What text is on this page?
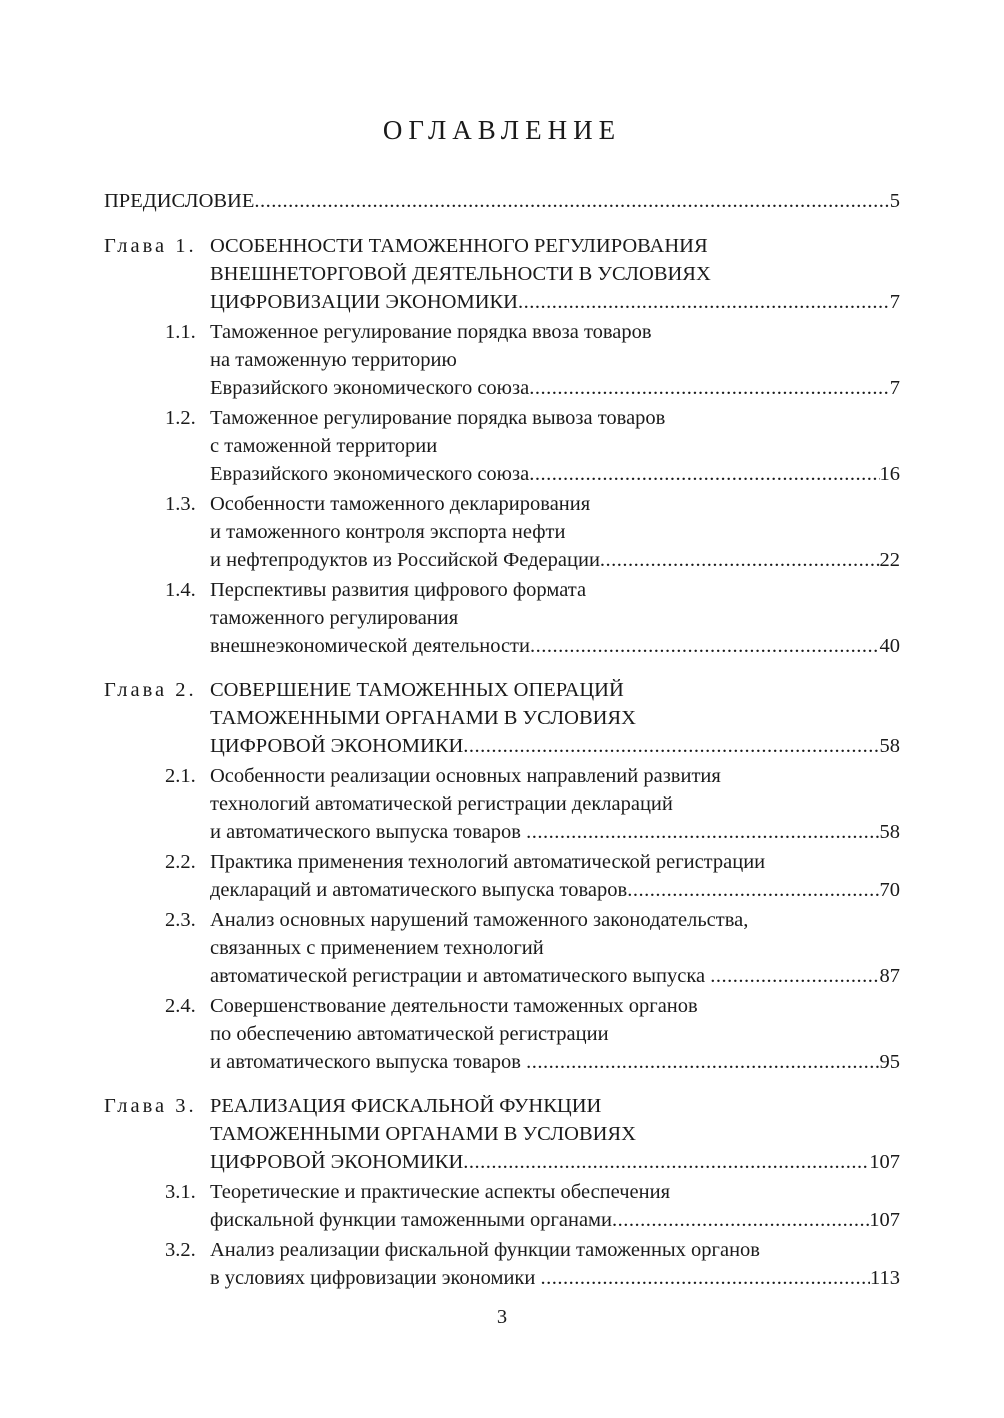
ОГЛАВЛЕНИЕ
ПРЕДИСЛОВИЕ .....	5
Глава 1. ОСОБЕННОСТИ ТАМОЖЕННОГО РЕГУЛИРОВАНИЯ
ВНЕШНЕТОРГОВОЙ ДЕЯТЕЛЬНОСТИ В УСЛОВИЯХ
ЦИФРОВИЗАЦИИ ЭКОНОМИКИ .....	7
1.1. Таможенное регулирование порядка ввоза товаров
на таможенную территорию
Евразийского экономического союза .....	7
1.2. Таможенное регулирование порядка вывоза товаров
с таможенной территории
Евразийского экономического союза .....	16
1.3. Особенности таможенного декларирования
и таможенного контроля экспорта нефти
и нефтепродуктов из Российской Федерации .....	22
1.4. Перспективы развития цифрового формата
таможенного регулирования
внешнеэкономической деятельности .....	40
Глава 2. СОВЕРШЕНИЕ ТАМОЖЕННЫХ ОПЕРАЦИЙ
ТАМОЖЕННЫМИ ОРГАНАМИ В УСЛОВИЯХ
ЦИФРОВОЙ ЭКОНОМИКИ .....	58
2.1. Особенности реализации основных направлений развития
технологий автоматической регистрации деклараций
и автоматического выпуска товаров .....	58
2.2. Практика применения технологий автоматической регистрации
деклараций и автоматического выпуска товаров .....	70
2.3. Анализ основных нарушений таможенного законодательства,
связанных с применением технологий
автоматической регистрации и автоматического выпуска .....	87
2.4. Совершенствование деятельности таможенных органов
по обеспечению автоматической регистрации
и автоматического выпуска товаров .....	95
Глава 3. РЕАЛИЗАЦИЯ ФИСКАЛЬНОЙ ФУНКЦИИ
ТАМОЖЕННЫМИ ОРГАНАМИ В УСЛОВИЯХ
ЦИФРОВОЙ ЭКОНОМИКИ .....	107
3.1. Теоретические и практические аспекты обеспечения
фискальной функции таможенными органами .....	107
3.2. Анализ реализации фискальной функции таможенных органов
в условиях цифровизации экономики .....	113
3
